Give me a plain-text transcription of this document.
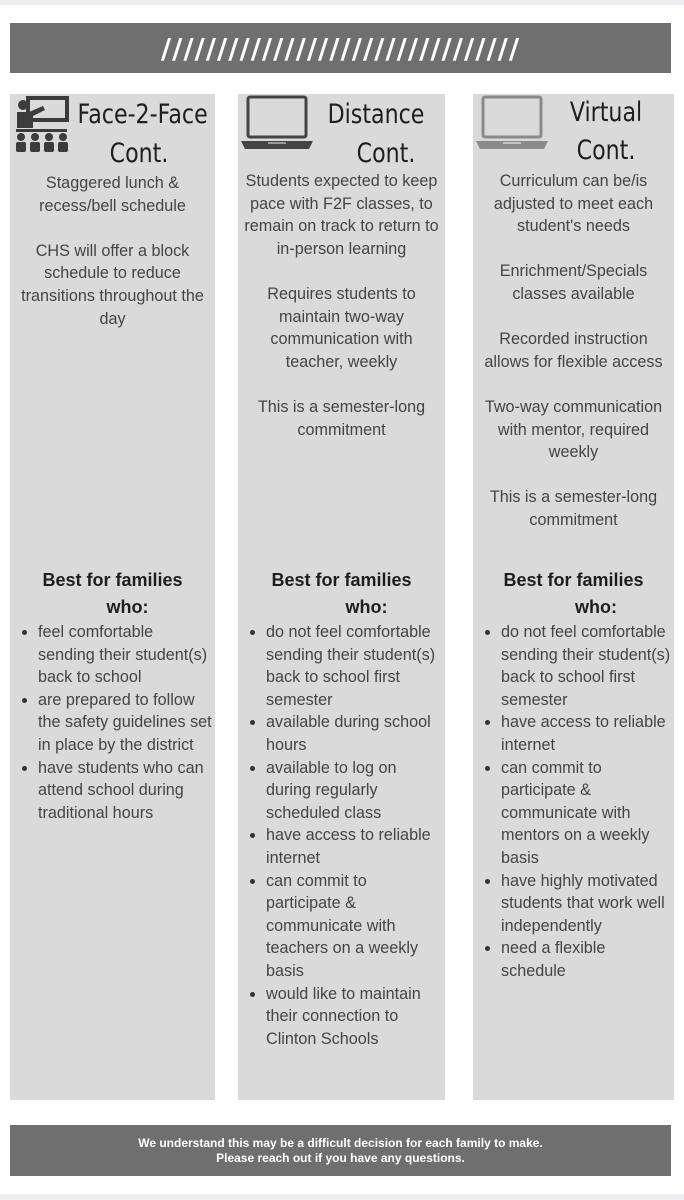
////////////////////////////////
Face-2-Face
Cont.

Staggered lunch & recess/bell schedule

CHS will offer a block schedule to reduce transitions throughout the day

Best for families
who:
feel comfortable sending their student(s) back to school
are prepared to follow the safety guidelines set in place by the district
have students who can attend school during traditional hours
Distance
Cont.

Students expected to keep pace with F2F classes, to remain on track to return to in-person learning

Requires students to maintain two-way communication with teacher, weekly

This is a semester-long commitment

Best for families
who:
do not feel comfortable sending their student(s) back to school first semester
available during school hours
available to log on during regularly scheduled class
have access to reliable internet
can commit to participate & communicate with teachers on a weekly basis
would like to maintain their connection to Clinton Schools
Virtual
Cont.

Curriculum can be/is adjusted to meet each student's needs

Enrichment/Specials classes available

Recorded instruction allows for flexible access

Two-way communication with mentor, required weekly

This is a semester-long commitment

Best for families
who:
do not feel comfortable sending their student(s) back to school first semester
have access to reliable internet
can commit to participate & communicate with mentors on a weekly basis
have highly motivated students that work well independently
need a flexible schedule
We understand this may be a difficult decision for each family to make. Please reach out if you have any questions.
